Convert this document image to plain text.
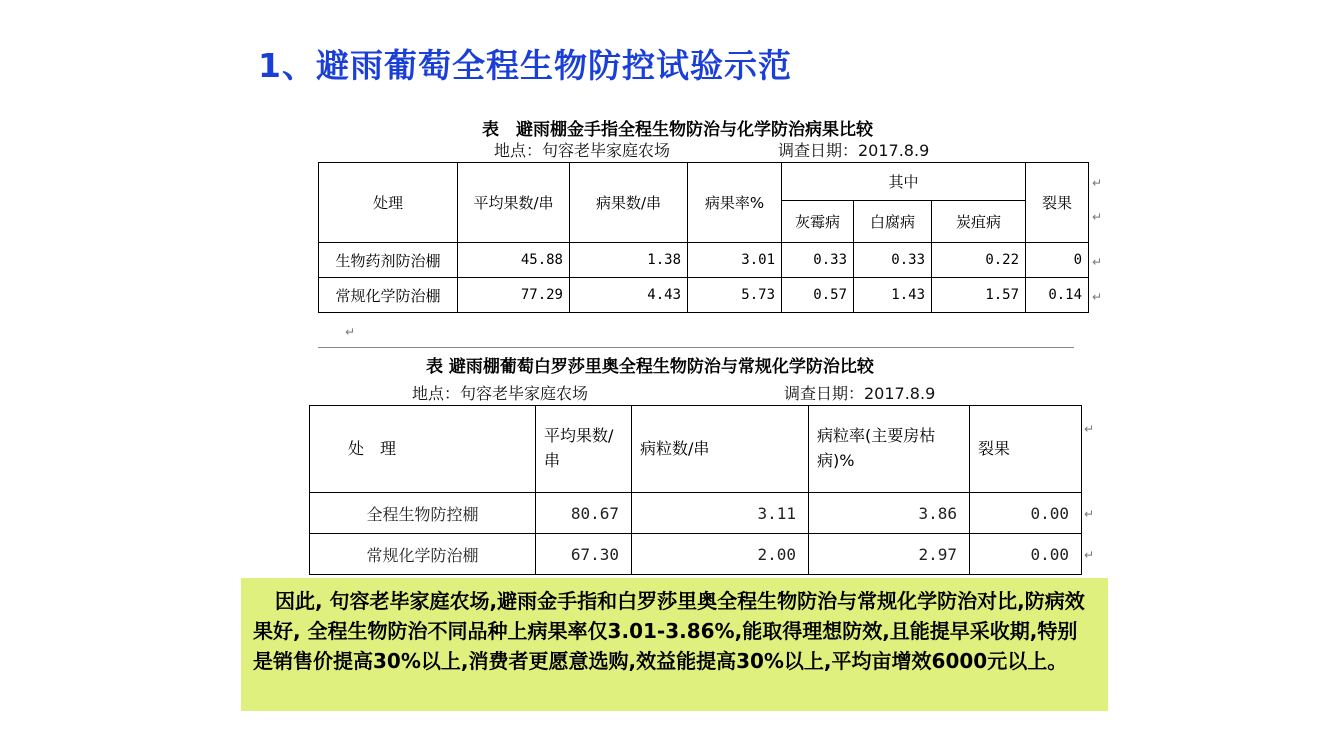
1、避雨葡萄全程生物防控试验示范
表　避雨棚金手指全程生物防治与化学防治病果比较
地点：句容老毕家庭农场	调查日期：2017.8.9
处理	平均果数/串	病果数/串	病果率%	其中			裂果
				灰霉病	白腐病	炭疽病	
生物药剂防治棚	45.88	1.38	3.01	0.33	0.33	0.22	0
常规化学防治棚	77.29	4.43	5.73	0.57	1.43	1.57	0.14
↵
↵
↵
↵
↵
表 避雨棚葡萄白罗莎里奥全程生物防治与常规化学防治比较
地点：句容老毕家庭农场	调查日期：2017.8.9
处　理	平均果数/串	病粒数/串	病粒率(主要房枯病)%	裂果
全程生物防控棚	80.67	3.11	3.86	0.00
常规化学防治棚	67.30	2.00	2.97	0.00
↵
↵
↵
因此, 句容老毕家庭农场,避雨金手指和白罗莎里奥全程生物防治与常规化学防治对比,防病效果好, 全程生物防治不同品种上病果率仅3.01-3.86%,能取得理想防效,且能提早采收期,特别是销售价提高30%以上,消费者更愿意选购,效益能提高30%以上,平均亩增效6000元以上。
